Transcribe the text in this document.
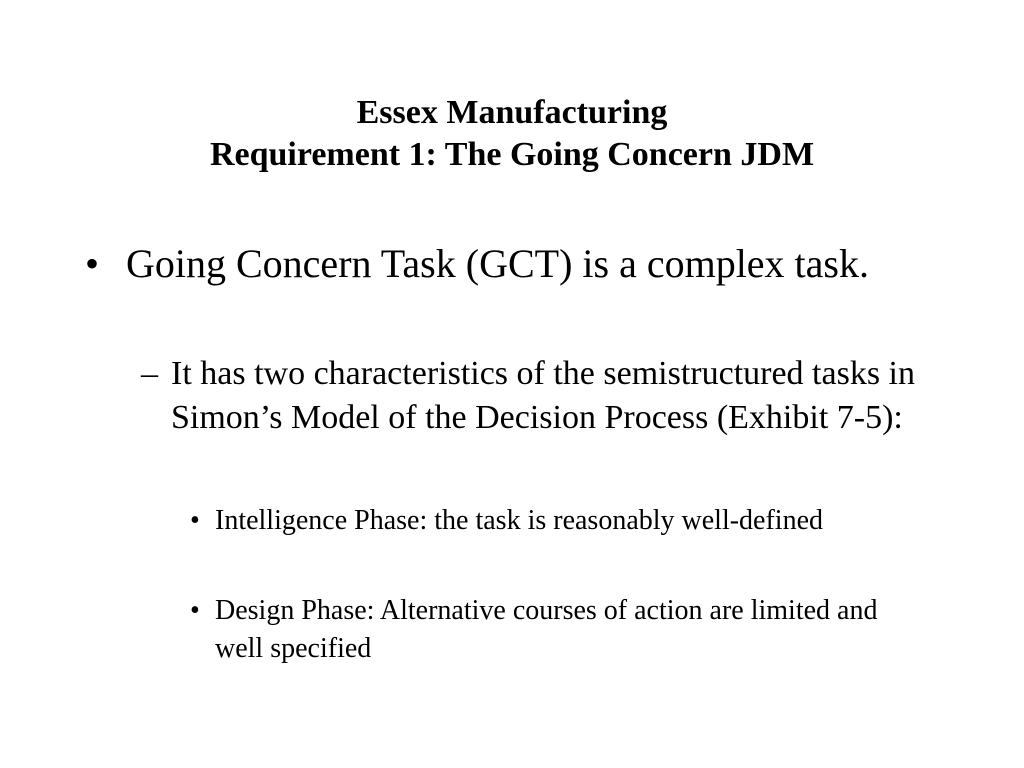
Essex Manufacturing
Requirement 1: The Going Concern JDM
• Going Concern Task (GCT) is a complex task.
– It has two characteristics of the semistructured tasks in Simon’s Model of the Decision Process (Exhibit 7-5):
• Intelligence Phase: the task is reasonably well-defined
• Design Phase: Alternative courses of action are limited and well specified
